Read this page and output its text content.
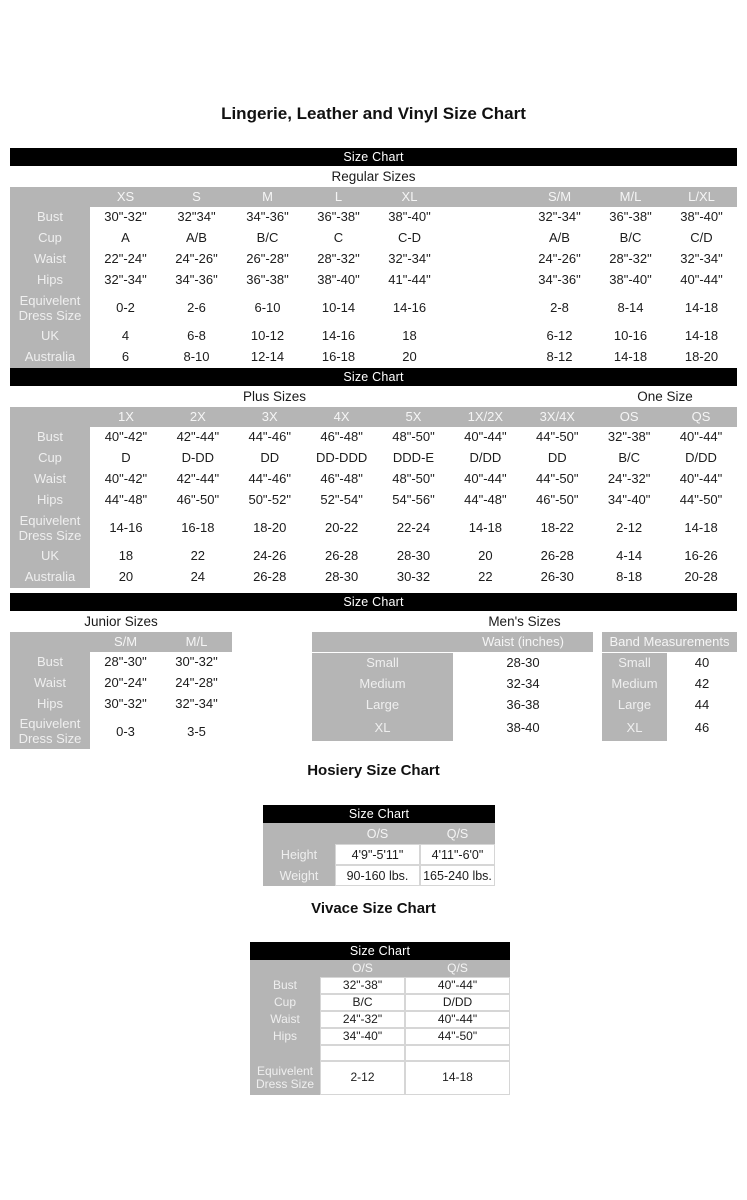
Lingerie, Leather and Vinyl Size Chart
Size Chart
Regular Sizes
XS	S	M	L	XL	S/M	M/L	L/XL
Bust	30"-32"	32"34"	34"-36"	36"-38"	38"-40"	32"-34"	36"-38"	38"-40"
Cup	A	A/B	B/C	C	C-D	A/B	B/C	C/D
Waist	22"-24"	24"-26"	26"-28"	28"-32"	32"-34"	24"-26"	28"-32"	32"-34"
Hips	32"-34"	34"-36"	36"-38"	38"-40"	41"-44"	34"-36"	38"-40"	40"-44"
Equivelent Dress Size	0-2	2-6	6-10	10-14	14-16	2-8	8-14	14-18
UK	4	6-8	10-12	14-16	18	6-12	10-16	14-18
Australia	6	8-10	12-14	16-18	20	8-12	14-18	18-20
Size Chart
Plus Sizes	One Size
1X	2X	3X	4X	5X	1X/2X	3X/4X	OS	QS
Bust	40"-42"	42"-44"	44"-46"	46"-48"	48"-50"	40"-44"	44"-50"	32"-38"	40"-44"
Cup	D	D-DD	DD	DD-DDD	DDD-E	D/DD	DD	B/C	D/DD
Waist	40"-42"	42"-44"	44"-46"	46"-48"	48"-50"	40"-44"	44"-50"	24"-32"	40"-44"
Hips	44"-48"	46"-50"	50"-52"	52"-54"	54"-56"	44"-48"	46"-50"	34"-40"	44"-50"
Equivelent Dress Size	14-16	16-18	18-20	20-22	22-24	14-18	18-22	2-12	14-18
UK	18	22	24-26	26-28	28-30	20	26-28	4-14	16-26
Australia	20	24	26-28	28-30	30-32	22	26-30	8-18	20-28
Size Chart
Junior Sizes	Men's Sizes
S/M	M/L
Bust	28"-30"	30"-32"
Waist	20"-24"	24"-28"
Hips	30"-32"	32"-34"
Equivelent Dress Size	0-3	3-5
Waist (inches)	Band Measurements
Small	28-30	Small	40
Medium	32-34	Medium	42
Large	36-38	Large	44
XL	38-40	XL	46
Hosiery Size Chart
Size Chart
O/S	Q/S
Height	4'9"-5'11"	4'11"-6'0"
Weight	90-160 lbs.	165-240 lbs.
Vivace Size Chart
Size Chart
O/S	Q/S
Bust	32"-38"	40"-44"
Cup	B/C	D/DD
Waist	24"-32"	40"-44"
Hips	34"-40"	44"-50"
Equivelent Dress Size	2-12	14-18
